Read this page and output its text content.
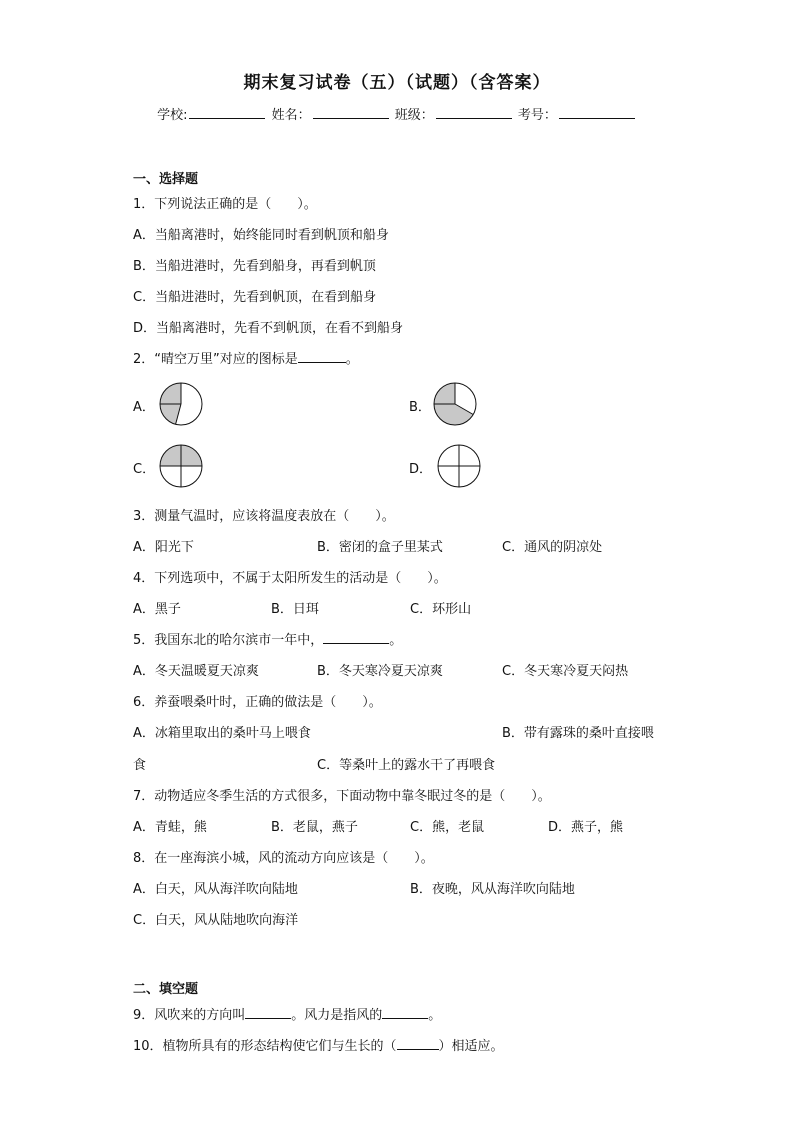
期末复习试卷（五）（试题）（含答案）
学校:	姓名：	班级：	考号：
一、选择题
1．下列说法正确的是（　　）。
A．当船离港时，始终能同时看到帆顶和船身
B．当船进港时，先看到船身，再看到帆顶
C．当船进港时，先看到帆顶，在看到船身
D．当船离港时，先看不到帆顶，在看不到船身
2．“晴空万里”对应的图标是	。
A．	B．
C．	D．
3．测量气温时，应该将温度表放在（　　）。
A．阳光下	B．密闭的盒子里某式	C．通风的阴凉处
4．下列选项中，不属于太阳所发生的活动是（　　）。
A．黑子	B．日珥	C．环形山
5．我国东北的哈尔滨市一年中，	。
A．冬天温暖夏天凉爽	B．冬天寒冷夏天凉爽	C．冬天寒冷夏天闷热
6．养蚕喂桑叶时，正确的做法是（　　）。
A．冰箱里取出的桑叶马上喂食	B．带有露珠的桑叶直接喂
食	C．等桑叶上的露水干了再喂食
7．动物适应冬季生活的方式很多，下面动物中靠冬眠过冬的是（　　）。
A．青蛙，熊	B．老鼠，燕子	C．熊，老鼠	D．燕子，熊
8．在一座海滨小城，风的流动方向应该是（　　）。
A．白天，风从海洋吹向陆地	B．夜晚，风从海洋吹向陆地
C．白天，风从陆地吹向海洋
二、填空题
9．风吹来的方向叫	。风力是指风的	。
10．植物所具有的形态结构使它们与生长的（	）相适应。
